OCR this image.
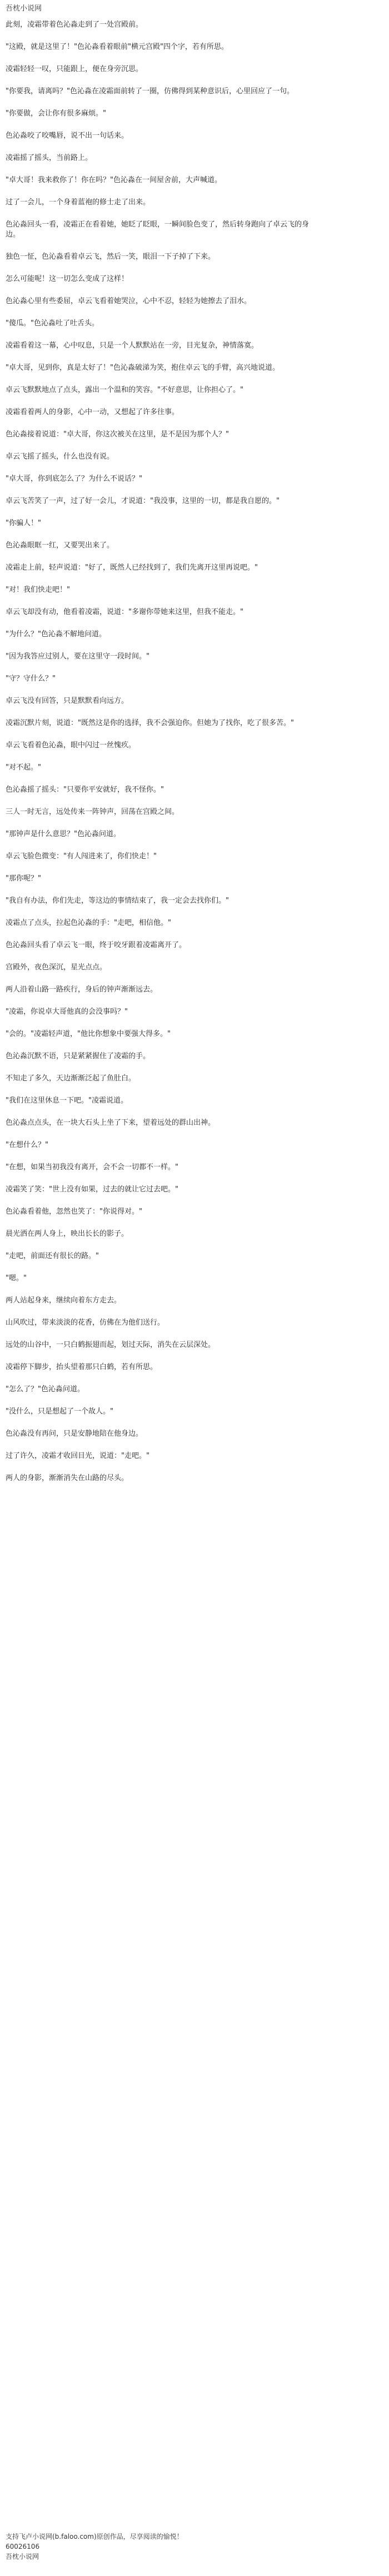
吾枕小说网

此刻，凌霜带着色沁淼走到了一处宫殿前。

"这殿，就是这里了！"色沁淼看着眼前"横元宫殿"四个字，若有所思。

凌霜轻轻一叹，只能跟上，便在身旁沉思。

"你要我，请离吗？"色沁淼在凌霜面前转了一圈，仿佛得到某种意识后，心里回应了一句。

"你要做，会让你有很多麻烦。"

色沁淼咬了咬嘴唇，说不出一句话来。

凌霜摇了摇头，当前路上。

"卓大哥！我来救你了！你在吗？"色沁淼在一间屋舍前，大声喊道。

过了一会儿，一个身着蓝袍的修士走了出来。

色沁淼回头一看，凌霜正在看着她，她眨了眨眼，一瞬间脸色变了，然后转身跑向了卓云飞的身边。

独色一怔，色沁淼看着卓云飞，然后一笑，眼泪一下子掉了下来。

怎么可能呢！这一切怎么变成了这样！

色沁淼心里有些委屈，卓云飞看着她哭泣，心中不忍，轻轻为她擦去了泪水。

"傻瓜。"色沁淼吐了吐舌头。

凌霜看着这一幕，心中叹息，只是一个人默默站在一旁，目光复杂，神情落寞。

"卓大哥，见到你，真是太好了！"色沁淼破涕为笑，抱住卓云飞的手臂，高兴地说道。

卓云飞默默地点了点头，露出一个温和的笑容。"不好意思，让你担心了。"

凌霜看着两人的身影，心中一动，又想起了许多往事。

色沁淼接着说道："卓大哥，你这次被关在这里，是不是因为那个人？"

卓云飞摇了摇头，什么也没有说。

"卓大哥，你到底怎么了？为什么不说话？"

卓云飞苦笑了一声，过了好一会儿，才说道："我没事，这里的一切，都是我自愿的。"

"你骗人！"

色沁淼眼眶一红，又要哭出来了。

凌霜走上前，轻声说道："好了，既然人已经找到了，我们先离开这里再说吧。"

"对！我们快走吧！"

卓云飞却没有动，他看着凌霜，说道："多谢你带她来这里，但我不能走。"

"为什么？"色沁淼不解地问道。

"因为我答应过别人，要在这里守一段时间。"

"守？守什么？"

卓云飞没有回答，只是默默看向远方。

凌霜沉默片刻，说道："既然这是你的选择，我不会强迫你。但她为了找你，吃了很多苦。"

卓云飞看着色沁淼，眼中闪过一丝愧疚。

"对不起。"

色沁淼摇了摇头："只要你平安就好，我不怪你。"

三人一时无言，远处传来一阵钟声，回荡在宫殿之间。

"那钟声是什么意思？"色沁淼问道。

卓云飞脸色微变："有人闯进来了，你们快走！"

"那你呢？"

"我自有办法，你们先走，等这边的事情结束了，我一定会去找你们。"

凌霜点了点头，拉起色沁淼的手："走吧，相信他。"

色沁淼回头看了卓云飞一眼，终于咬牙跟着凌霜离开了。

宫殿外，夜色深沉，星光点点。

两人沿着山路一路疾行，身后的钟声渐渐远去。

"凌霜，你说卓大哥他真的会没事吗？"

"会的。"凌霜轻声道，"他比你想象中要强大得多。"

色沁淼沉默不语，只是紧紧握住了凌霜的手。

不知走了多久，天边渐渐泛起了鱼肚白。

"我们在这里休息一下吧。"凌霜说道。

色沁淼点点头，在一块大石头上坐了下来，望着远处的群山出神。

"在想什么？"

"在想，如果当初我没有离开，会不会一切都不一样。"

凌霜笑了笑："世上没有如果，过去的就让它过去吧。"

色沁淼看着他，忽然也笑了："你说得对。"

晨光洒在两人身上，映出长长的影子。

"走吧，前面还有很长的路。"

"嗯。"

两人站起身来，继续向着东方走去。

山风吹过，带来淡淡的花香，仿佛在为他们送行。

远处的山谷中，一只白鹤振翅而起，划过天际，消失在云层深处。

凌霜停下脚步，抬头望着那只白鹤，若有所思。

"怎么了？"色沁淼问道。

"没什么，只是想起了一个故人。"

色沁淼没有再问，只是安静地陪在他身边。

过了许久，凌霜才收回目光，说道："走吧。"

两人的身影，渐渐消失在山路的尽头。

支持飞卢小说网(b.faloo.com)原创作品，尽享阅读的愉悦！

60026106

吾枕小说网
